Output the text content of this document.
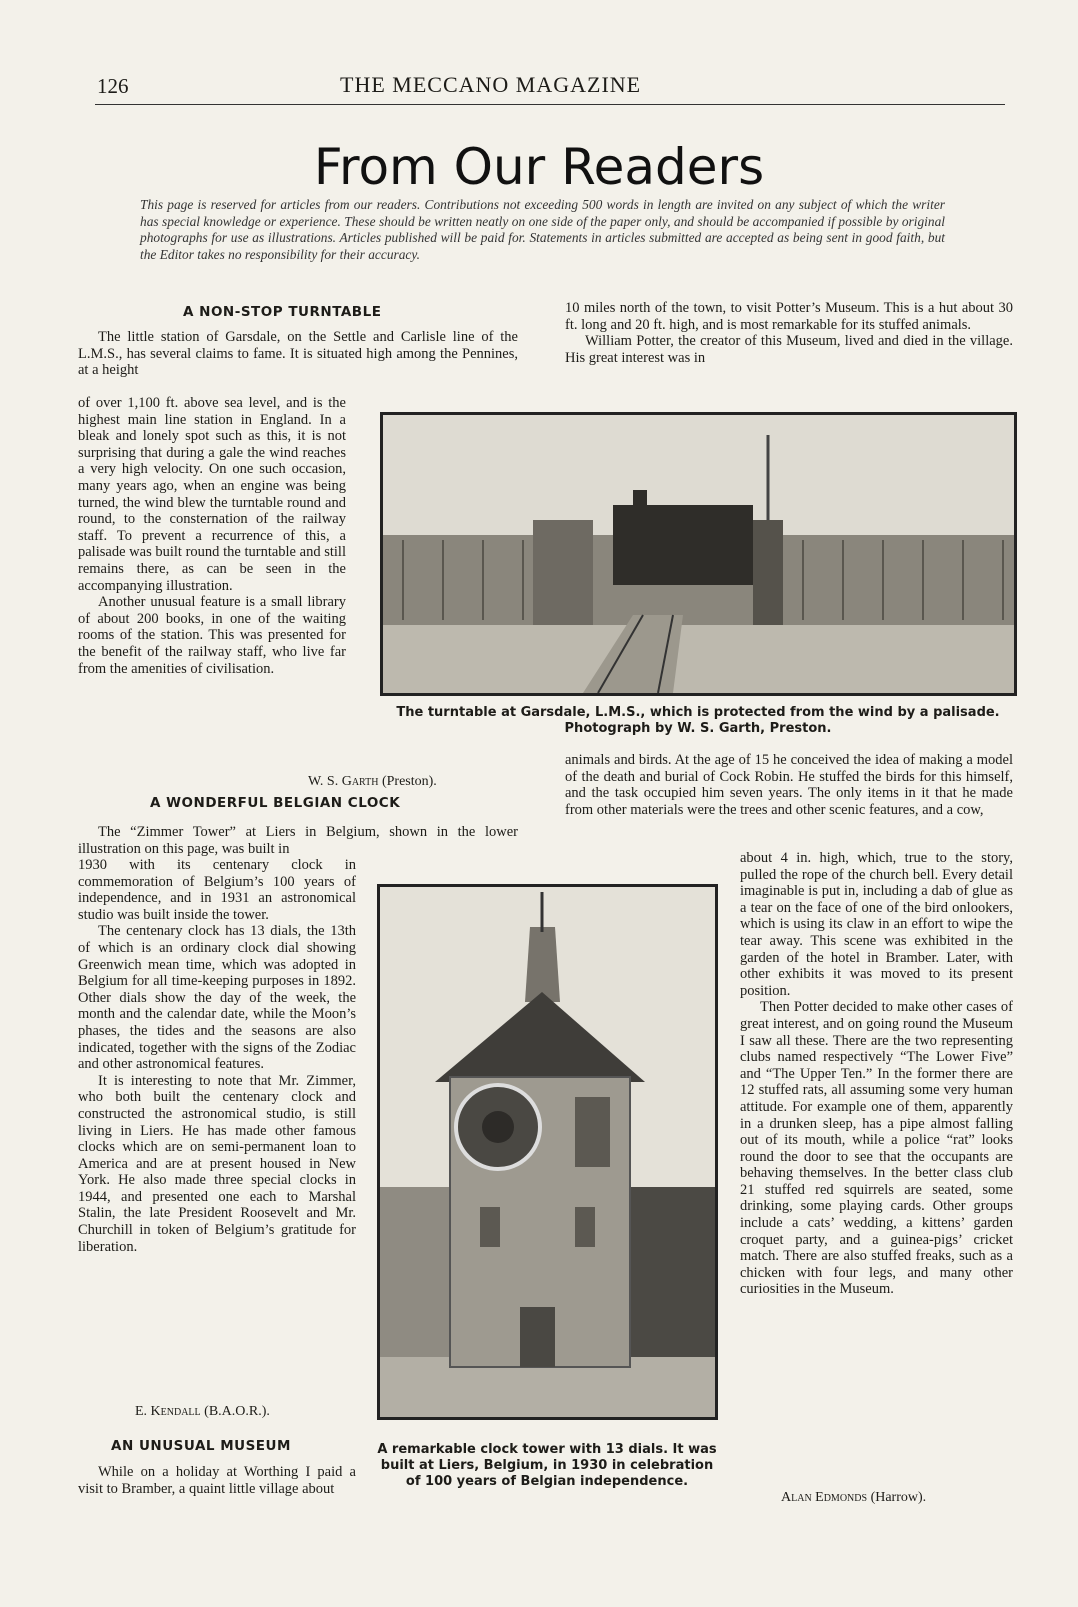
126	THE MECCANO MAGAZINE
From Our Readers
This page is reserved for articles from our readers. Contributions not exceeding 500 words in length are invited on any subject of which the writer has special knowledge or experience. These should be written neatly on one side of the paper only, and should be accompanied if possible by original photographs for use as illustrations. Articles published will be paid for. Statements in articles submitted are accepted as being sent in good faith, but the Editor takes no responsibility for their accuracy.
A NON-STOP TURNTABLE

The little station of Garsdale, on the Settle and Carlisle line of the L.M.S., has several claims to fame. It is situated high among the Pennines, at a height

of over 1,100 ft. above sea level, and is the highest main line station in England. In a bleak and lonely spot such as this, it is not surprising that during a gale the wind reaches a very high velocity. On one such occasion, many years ago, when an engine was being turned, the wind blew the turntable round and round, to the consternation of the railway staff. To prevent a recurrence of this, a palisade was built round the turntable and still remains there, as can be seen in the accompanying illustration.

Another unusual feature is a small library of about 200 books, in one of the waiting rooms of the station. This was presented for the benefit of the railway staff, who live far from the amenities of civilisation.

W. S. Garth (Preston).
The turntable at Garsdale, L.M.S., which is protected from the wind by a palisade. Photograph by W. S. Garth, Preston.
A WONDERFUL BELGIAN CLOCK

The “Zimmer Tower” at Liers in Belgium, shown in the lower illustration on this page, was built in

1930 with its centenary clock in commemoration of Belgium’s 100 years of independence, and in 1931 an astronomical studio was built inside the tower.

The centenary clock has 13 dials, the 13th of which is an ordinary clock dial showing Greenwich mean time, which was adopted in Belgium for all time-keeping purposes in 1892. Other dials show the day of the week, the month and the calendar date, while the Moon’s phases, the tides and the seasons are also indicated, together with the signs of the Zodiac and other astronomical features.

It is interesting to note that Mr. Zimmer, who both built the centenary clock and constructed the astronomical studio, is still living in Liers. He has made other famous clocks which are on semi-permanent loan to America and are at present housed in New York. He also made three special clocks in 1944, and presented one each to Marshal Stalin, the late President Roosevelt and Mr. Churchill in token of Belgium’s gratitude for liberation.

E. Kendall (B.A.O.R.).
A remarkable clock tower with 13 dials. It was built at Liers, Belgium, in 1930 in celebration of 100 years of Belgian independence.
AN UNUSUAL MUSEUM

While on a holiday at Worthing I paid a visit to Bramber, a quaint little village about

10 miles north of the town, to visit Potter’s Museum. This is a hut about 30 ft. long and 20 ft. high, and is most remarkable for its stuffed animals.

William Potter, the creator of this Museum, lived and died in the village. His great interest was in

animals and birds. At the age of 15 he conceived the idea of making a model of the death and burial of Cock Robin. He stuffed the birds for this himself, and the task occupied him seven years. The only items in it that he made from other materials were the trees and other scenic features, and a cow,

about 4 in. high, which, true to the story, pulled the rope of the church bell. Every detail imaginable is put in, including a dab of glue as a tear on the face of one of the bird onlookers, which is using its claw in an effort to wipe the tear away. This scene was exhibited in the garden of the hotel in Bramber. Later, with other exhibits it was moved to its present position.

Then Potter decided to make other cases of great interest, and on going round the Museum I saw all these. There are the two representing clubs named respectively “The Lower Five” and “The Upper Ten.” In the former there are 12 stuffed rats, all assuming some very human attitude. For example one of them, apparently in a drunken sleep, has a pipe almost falling out of its mouth, while a police “rat” looks round the door to see that the occupants are behaving themselves. In the better class club 21 stuffed red squirrels are seated, some drinking, some playing cards. Other groups include a cats’ wedding, a kittens’ garden croquet party, and a guinea-pigs’ cricket match. There are also stuffed freaks, such as a chicken with four legs, and many other curiosities in the Museum.

Alan Edmonds (Harrow).
